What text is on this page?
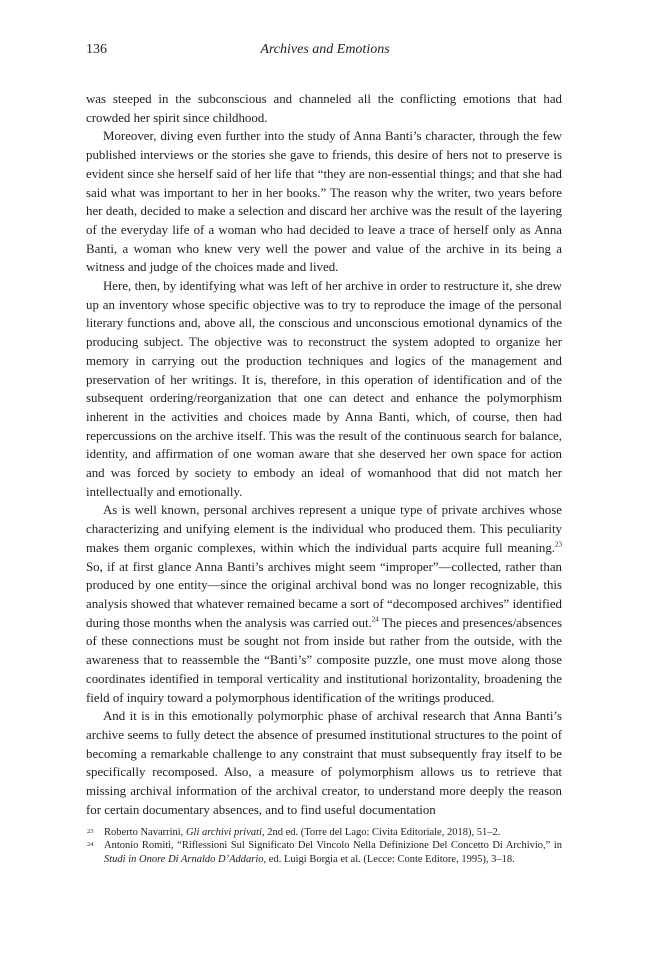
136	Archives and Emotions

was steeped in the subconscious and channeled all the conflicting emotions that had crowded her spirit since childhood.

Moreover, diving even further into the study of Anna Banti’s character, through the few published interviews or the stories she gave to friends, this desire of hers not to preserve is evident since she herself said of her life that “they are non-essential things; and that she had said what was important to her in her books.” The reason why the writer, two years before her death, decided to make a selection and discard her archive was the result of the layering of the everyday life of a woman who had decided to leave a trace of herself only as Anna Banti, a woman who knew very well the power and value of the archive in its being a witness and judge of the choices made and lived.

Here, then, by identifying what was left of her archive in order to restructure it, she drew up an inventory whose specific objective was to try to reproduce the image of the personal literary functions and, above all, the conscious and unconscious emotional dynamics of the producing subject. The objective was to reconstruct the system adopted to organize her memory in carrying out the production techniques and logics of the management and preservation of her writings. It is, therefore, in this operation of identification and of the subsequent ordering/reorganization that one can detect and enhance the polymorphism inherent in the activities and choices made by Anna Banti, which, of course, then had repercussions on the archive itself. This was the result of the continuous search for balance, identity, and affirmation of one woman aware that she deserved her own space for action and was forced by society to embody an ideal of womanhood that did not match her intellectually and emotionally.

As is well known, personal archives represent a unique type of private archives whose characterizing and unifying element is the individual who produced them. This peculiarity makes them organic complexes, within which the individual parts acquire full meaning.$^{23}$ So, if at first glance Anna Banti’s archives might seem “improper”—collected, rather than produced by one entity—since the original archival bond was no longer recognizable, this analysis showed that whatever remained became a sort of “decomposed archives” identified during those months when the analysis was carried out.$^{24}$ The pieces and presences/absences of these connections must be sought not from inside but rather from the outside, with the awareness that to reassemble the “Banti’s” composite puzzle, one must move along those coordinates identified in temporal verticality and institutional horizontality, broadening the field of inquiry toward a polymorphous identification of the writings produced.

And it is in this emotionally polymorphic phase of archival research that Anna Banti’s archive seems to fully detect the absence of presumed institutional structures to the point of becoming a remarkable challenge to any constraint that must subsequently fray itself to be specifically recomposed. Also, a measure of polymorphism allows us to retrieve that missing archival information of the archival creator, to understand more deeply the reason for certain documentary absences, and to find useful documentation

23 Roberto Navarrini, Gli archivi privati, 2nd ed. (Torre del Lago: Civita Editoriale, 2018), 51–2.

24 Antonio Romiti, “Riflessioni Sul Significato Del Vincolo Nella Definizione Del Concetto Di Archivio,” in Studi in Onore Di Arnaldo D’Addario, ed. Luigi Borgia et al. (Lecce: Conte Editore, 1995), 3–18.
